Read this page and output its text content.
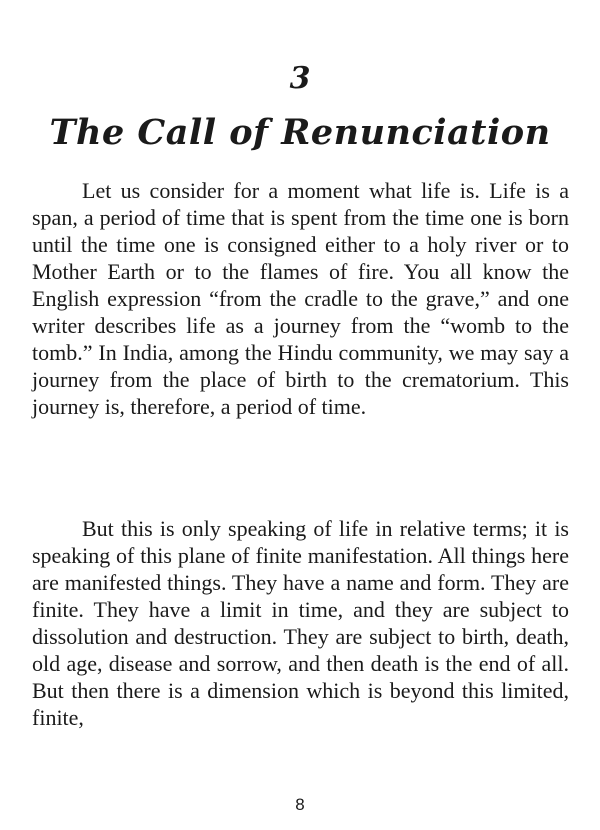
3
The Call of Renunciation

Let us consider for a moment what life is. Life is a span, a period of time that is spent from the time one is born until the time one is consigned either to a holy river or to Mother Earth or to the flames of fire. You all know the English expression “from the cradle to the grave,” and one writer describes life as a journey from the “womb to the tomb.” In India, among the Hindu community, we may say a journey from the place of birth to the crematorium. This journey is, therefore, a period of time.

But this is only speaking of life in relative terms; it is speaking of this plane of finite manifestation. All things here are manifested things. They have a name and form. They are finite. They have a limit in time, and they are subject to dissolution and destruction. They are subject to birth, death, old age, disease and sorrow, and then death is the end of all. But then there is a dimension which is beyond this limited, finite,

8
